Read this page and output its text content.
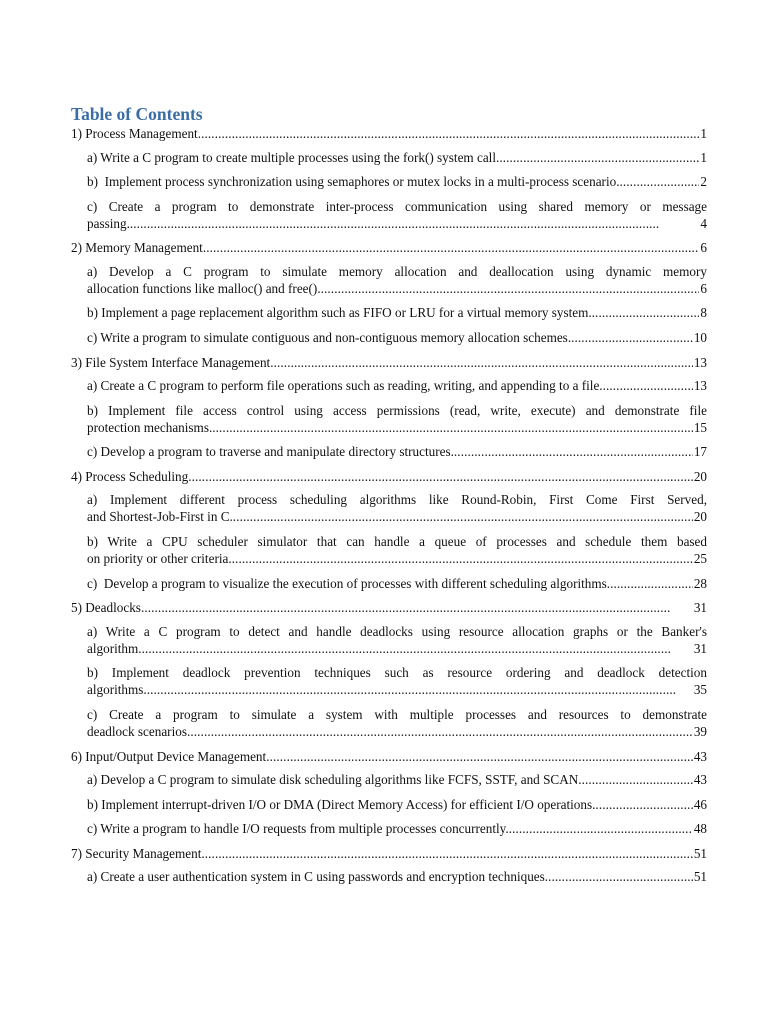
Table of Contents
1) Process Management . . .	1
a) Write a C program to create multiple processes using the fork() system call. . . .	1
b)  Implement process synchronization using semaphores or mutex locks in a multi-process scenario. . . .	2
c) Create a program to demonstrate inter-process communication using shared memory or message
passing. . . .	4
2) Memory Management . . .	6
a) Develop a C program to simulate memory allocation and deallocation using dynamic memory
allocation functions like malloc() and free(). . . .	6
b) Implement a page replacement algorithm such as FIFO or LRU for a virtual memory system. . . .	8
c) Write a program to simulate contiguous and non-contiguous memory allocation schemes. . . .	10
3) File System Interface Management . . .	13
a) Create a C program to perform file operations such as reading, writing, and appending to a file. . . .	13
b) Implement file access control using access permissions (read, write, execute) and demonstrate file
protection mechanisms. . . .	15
c) Develop a program to traverse and manipulate directory structures. . . .	17
4) Process Scheduling . . .	20
a) Implement different process scheduling algorithms like Round-Robin, First Come First Served,
and Shortest-Job-First in C. . . .	20
b) Write a CPU scheduler simulator that can handle a queue of processes and schedule them based
on priority or other criteria. . . .	25
c)  Develop a program to visualize the execution of processes with different scheduling algorithms. . . .	28
5) Deadlocks . . .	31
a) Write a C program to detect and handle deadlocks using resource allocation graphs or the Banker's
algorithm. . . .	31
b) Implement deadlock prevention techniques such as resource ordering and deadlock detection
algorithms. . . .	35
c) Create a program to simulate a system with multiple processes and resources to demonstrate
deadlock scenarios . . .	39
6) Input/Output Device Management . . .	43
a) Develop a C program to simulate disk scheduling algorithms like FCFS, SSTF, and SCAN. . . .	43
b) Implement interrupt-driven I/O or DMA (Direct Memory Access) for efficient I/O operations. . . .	46
c) Write a program to handle I/O requests from multiple processes concurrently. . . .	48
7) Security Management . . .	51
a) Create a user authentication system in C using passwords and encryption techniques. . . .	51
